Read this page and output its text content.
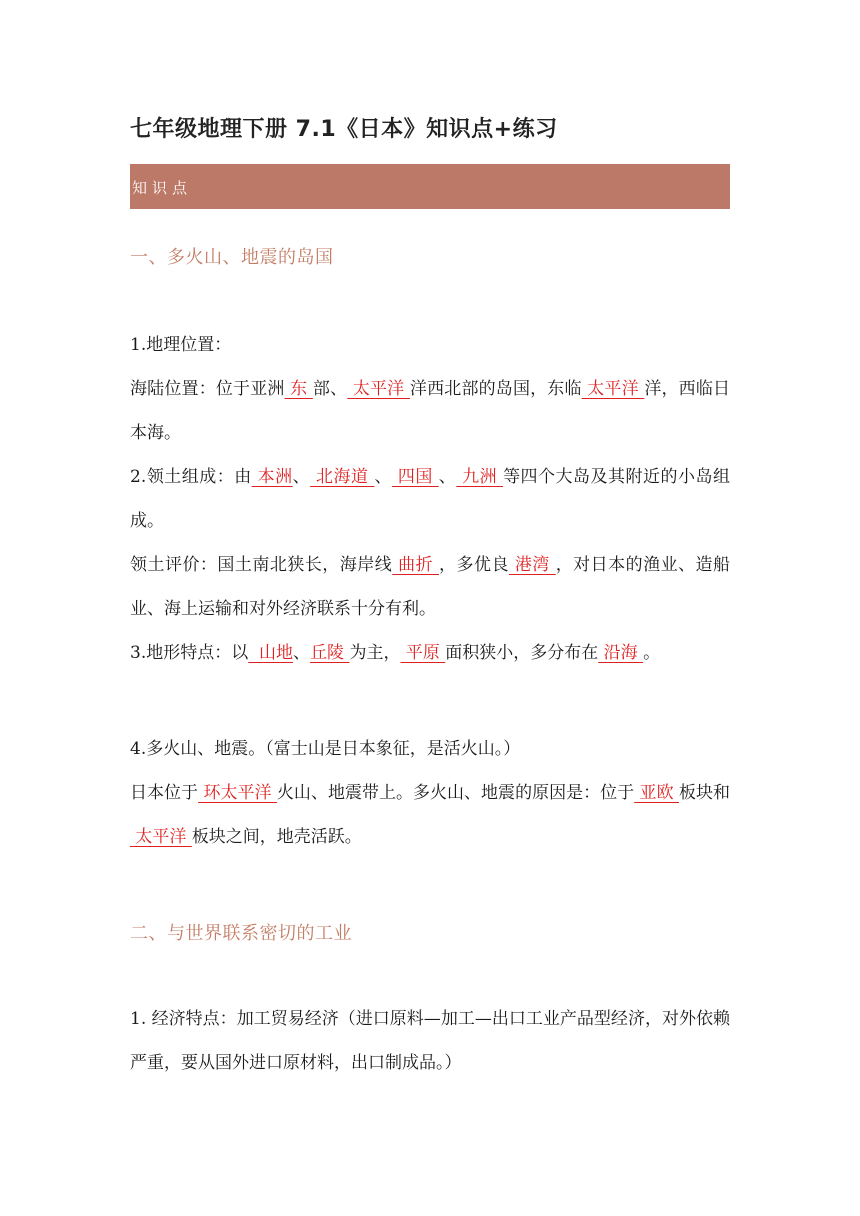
七年级地理下册 7.1《日本》知识点+练习
知识点
一、多火山、地震的岛国
1.地理位置：
海陆位置：位于亚洲 东 部、 太平洋 洋西北部的岛国，东临 太平洋 洋，西临日本海。
2.领土组成：由 本洲、 北海道 、 四国 、 九洲 等四个大岛及其附近的小岛组成。
领土评价：国土南北狭长，海岸线 曲折 ，多优良 港湾 ，对日本的渔业、造船业、海上运输和对外经济联系十分有利。
3.地形特点：以  山地、丘陵 为主， 平原 面积狭小，多分布在 沿海 。
4.多火山、地震。（富士山是日本象征，是活火山。）
日本位于 环太平洋 火山、地震带上。多火山、地震的原因是：位于 亚欧 板块和 太平洋 板块之间，地壳活跃。
二、与世界联系密切的工业
1. 经济特点：加工贸易经济（进口原料—加工—出口工业产品型经济，对外依赖严重，要从国外进口原材料，出口制成品。）
